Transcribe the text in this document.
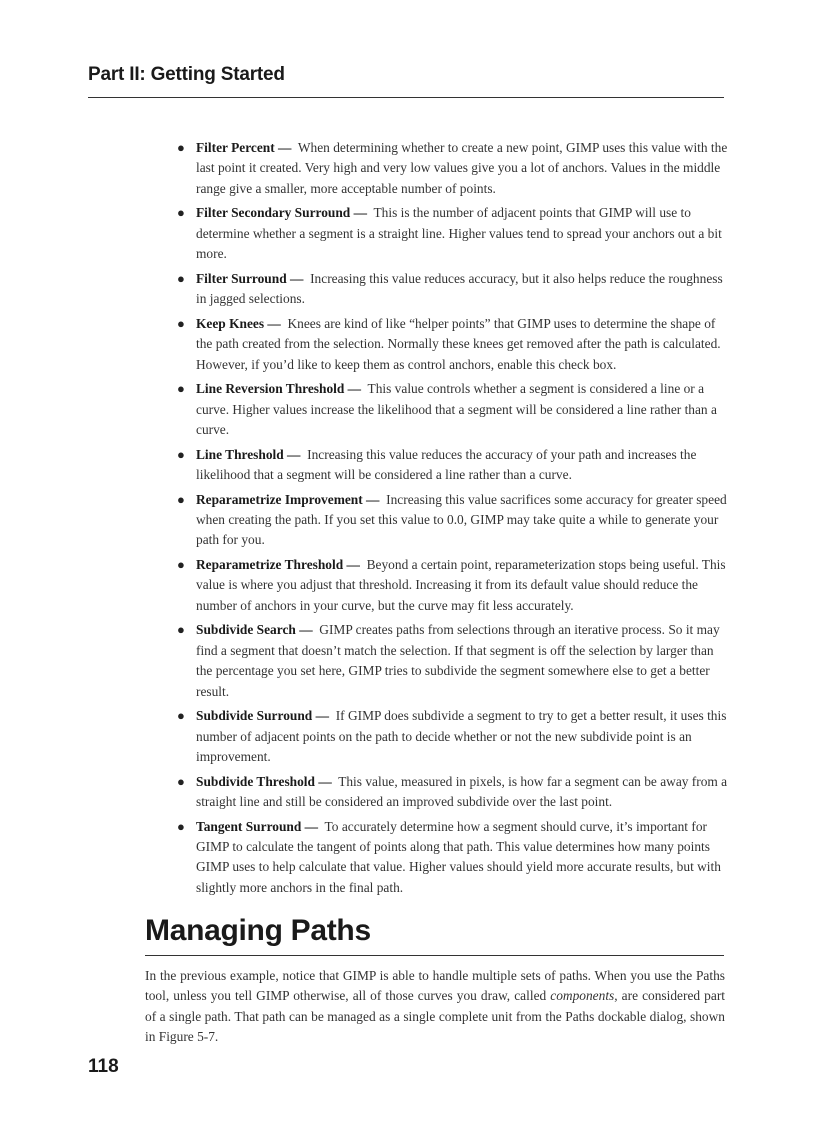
Part II: Getting Started
● Filter Percent — When determining whether to create a new point, GIMP uses this value with the last point it created. Very high and very low values give you a lot of anchors. Values in the middle range give a smaller, more acceptable number of points.
● Filter Secondary Surround — This is the number of adjacent points that GIMP will use to determine whether a segment is a straight line. Higher values tend to spread your anchors out a bit more.
● Filter Surround — Increasing this value reduces accuracy, but it also helps reduce the roughness in jagged selections.
● Keep Knees — Knees are kind of like “helper points” that GIMP uses to determine the shape of the path created from the selection. Normally these knees get removed after the path is calculated. However, if you’d like to keep them as control anchors, enable this check box.
● Line Reversion Threshold — This value controls whether a segment is considered a line or a curve. Higher values increase the likelihood that a segment will be considered a line rather than a curve.
● Line Threshold — Increasing this value reduces the accuracy of your path and increases the likelihood that a segment will be considered a line rather than a curve.
● Reparametrize Improvement — Increasing this value sacrifices some accuracy for greater speed when creating the path. If you set this value to 0.0, GIMP may take quite a while to generate your path for you.
● Reparametrize Threshold — Beyond a certain point, reparameterization stops being useful. This value is where you adjust that threshold. Increasing it from its default value should reduce the number of anchors in your curve, but the curve may fit less accurately.
● Subdivide Search — GIMP creates paths from selections through an iterative process. So it may find a segment that doesn’t match the selection. If that segment is off the selection by larger than the percentage you set here, GIMP tries to subdivide the segment somewhere else to get a better result.
● Subdivide Surround — If GIMP does subdivide a segment to try to get a better result, it uses this number of adjacent points on the path to decide whether or not the new subdivide point is an improvement.
● Subdivide Threshold — This value, measured in pixels, is how far a segment can be away from a straight line and still be considered an improved subdivide over the last point.
● Tangent Surround — To accurately determine how a segment should curve, it’s important for GIMP to calculate the tangent of points along that path. This value determines how many points GIMP uses to help calculate that value. Higher values should yield more accurate results, but with slightly more anchors in the final path.
Managing Paths

In the previous example, notice that GIMP is able to handle multiple sets of paths. When you use the Paths tool, unless you tell GIMP otherwise, all of those curves you draw, called components, are considered part of a single path. That path can be managed as a single complete unit from the Paths dockable dialog, shown in Figure 5-7.

118
